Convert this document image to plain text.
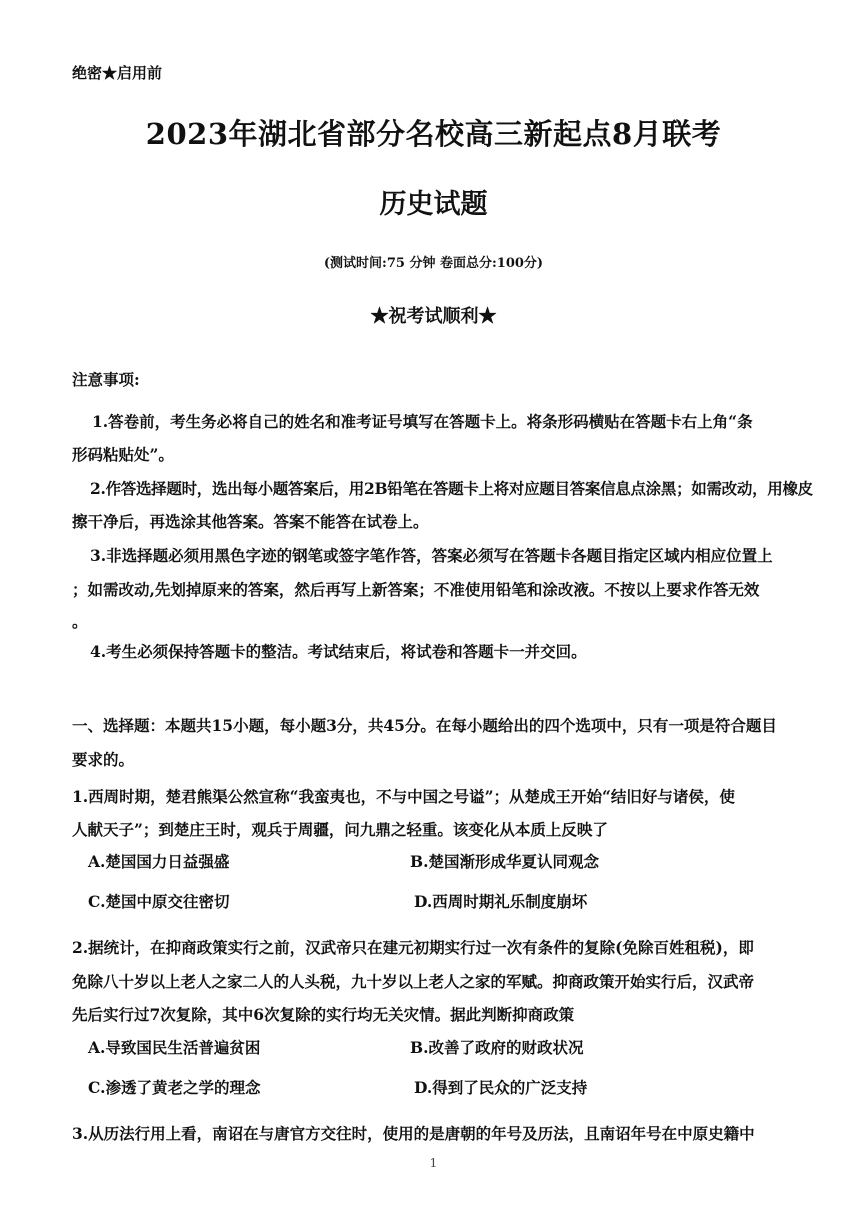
绝密★启用前
2023年湖北省部分名校高三新起点8月联考
历史试题
(测试时间:75 分钟 卷面总分:100分)
★祝考试顺利★
注意事项:
1.答卷前，考生务必将自己的姓名和准考证号填写在答题卡上。将条形码横贴在答题卡右上角“条
形码粘贴处”。
2.作答选择题时，选出每小题答案后，用2B铅笔在答题卡上将对应题目答案信息点涂黑；如需改动，用橡皮
擦干净后，再选涂其他答案。答案不能答在试卷上。
3.非选择题必须用黑色字迹的钢笔或签字笔作答，答案必须写在答题卡各题目指定区域内相应位置上
；如需改动,先划掉原来的答案，然后再写上新答案；不准使用铅笔和涂改液。不按以上要求作答无效
。
4.考生必须保持答题卡的整洁。考试结束后，将试卷和答题卡一并交回。
一、选择题：本题共15小题，每小题3分，共45分。在每小题给出的四个选项中，只有一项是符合题目
要求的。
1.西周时期，楚君熊渠公然宣称“我蛮夷也，不与中国之号谥”；从楚成王开始“结旧好与诸侯，使
人献天子”；到楚庄王时，观兵于周疆，问九鼎之轻重。该变化从本质上反映了
A.楚国国力日益强盛	B.楚国渐形成华夏认同观念
C.楚国中原交往密切	D.西周时期礼乐制度崩坏
2.据统计，在抑商政策实行之前，汉武帝只在建元初期实行过一次有条件的复除(免除百姓租税)，即
免除八十岁以上老人之家二人的人头税，九十岁以上老人之家的军赋。抑商政策开始实行后，汉武帝
先后实行过7次复除，其中6次复除的实行均无关灾情。据此判断抑商政策
A.导致国民生活普遍贫困	B.改善了政府的财政状况
C.渗透了黄老之学的理念	D.得到了民众的广泛支持
3.从历法行用上看，南诏在与唐官方交往时，使用的是唐朝的年号及历法，且南诏年号在中原史籍中
1
